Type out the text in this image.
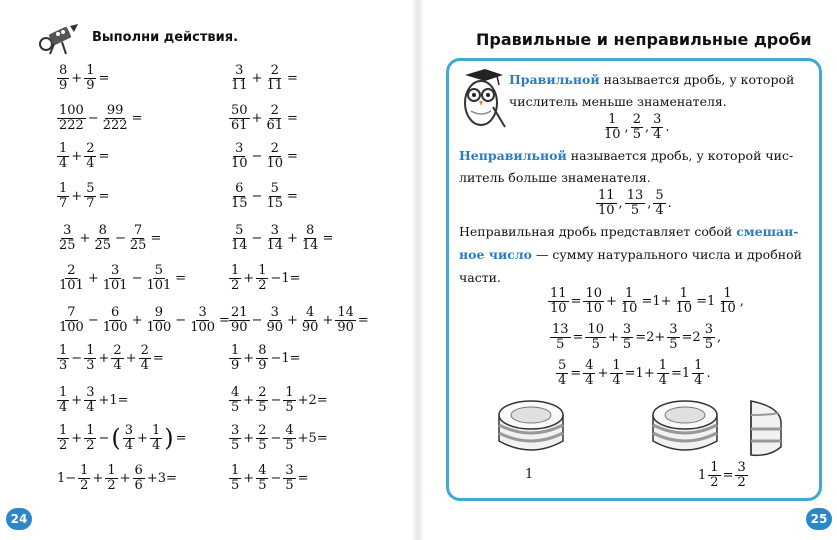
Выполни действия.
$\frac{8}{9} + \frac{1}{9}$ =
$\frac{100}{222} - \frac{99}{222}$ =
$\frac{1}{4} + \frac{2}{4}$ =
$\frac{1}{7} + \frac{5}{7}$ =
$\frac{3}{25} + \frac{8}{25} - \frac{7}{25}$ =
$\frac{2}{101} + \frac{3}{101} - \frac{5}{101}$ =
$\frac{7}{100} - \frac{6}{100} + \frac{9}{100} - \frac{3}{100}$ =
$\frac{1}{3} - \frac{1}{3} + \frac{2}{4} + \frac{2}{4}$ =
$\frac{1}{4} + \frac{3}{4} +1=$
$\frac{1}{2} + \frac{1}{2}$ − ( $\frac{3}{4} + \frac{1}{4}$ ) =
$1- \frac{1}{2} + \frac{1}{2} + \frac{6}{6} +3=$
$\frac{3}{11} + \frac{2}{11}$ =
$\frac{50}{61} + \frac{2}{61}$ =
$\frac{3}{10} - \frac{2}{10}$ =
$\frac{6}{15} - \frac{5}{15}$ =
$\frac{5}{14} - \frac{3}{14} + \frac{8}{14}$ =
$\frac{1}{2} + \frac{1}{2} -1=$
$\frac{21}{90} - \frac{3}{90} + \frac{4}{90} + \frac{14}{90}$ =
$\frac{1}{9} + \frac{8}{9} -1=$
$\frac{4}{5} + \frac{2}{5} - \frac{1}{5} +2=$
$\frac{3}{5} + \frac{2}{5} - \frac{4}{5} +5=$
$\frac{1}{5} + \frac{4}{5} - \frac{3}{5}$ =
24
Правильные и неправильные дроби
Правильной называется дробь, у которой
числитель меньше знаменателя.
$\frac{1}{10}$ , $\frac{2}{5}$ , $\frac{3}{4}$ .
Неправильной называется дробь, у которой чис-
литель больше знаменателя.
$\frac{11}{10}$ , $\frac{13}{5}$ , $\frac{5}{4}$ .
Неправильная дробь представляет собой смешан-
ное число — сумму натурального числа и дробной
части.
$\frac{11}{10} = \frac{10}{10} + \frac{1}{10} =1+ \frac{1}{10} =1 \frac{1}{10}$ ,
$\frac{13}{5} = \frac{10}{5} + \frac{3}{5} =2+ \frac{3}{5} =2 \frac{3}{5}$ ,
$\frac{5}{4} = \frac{4}{4} + \frac{1}{4} =1+ \frac{1}{4} =1 \frac{1}{4}$ .
1	$1 \frac{1}{2} = \frac{3}{2}$
25
